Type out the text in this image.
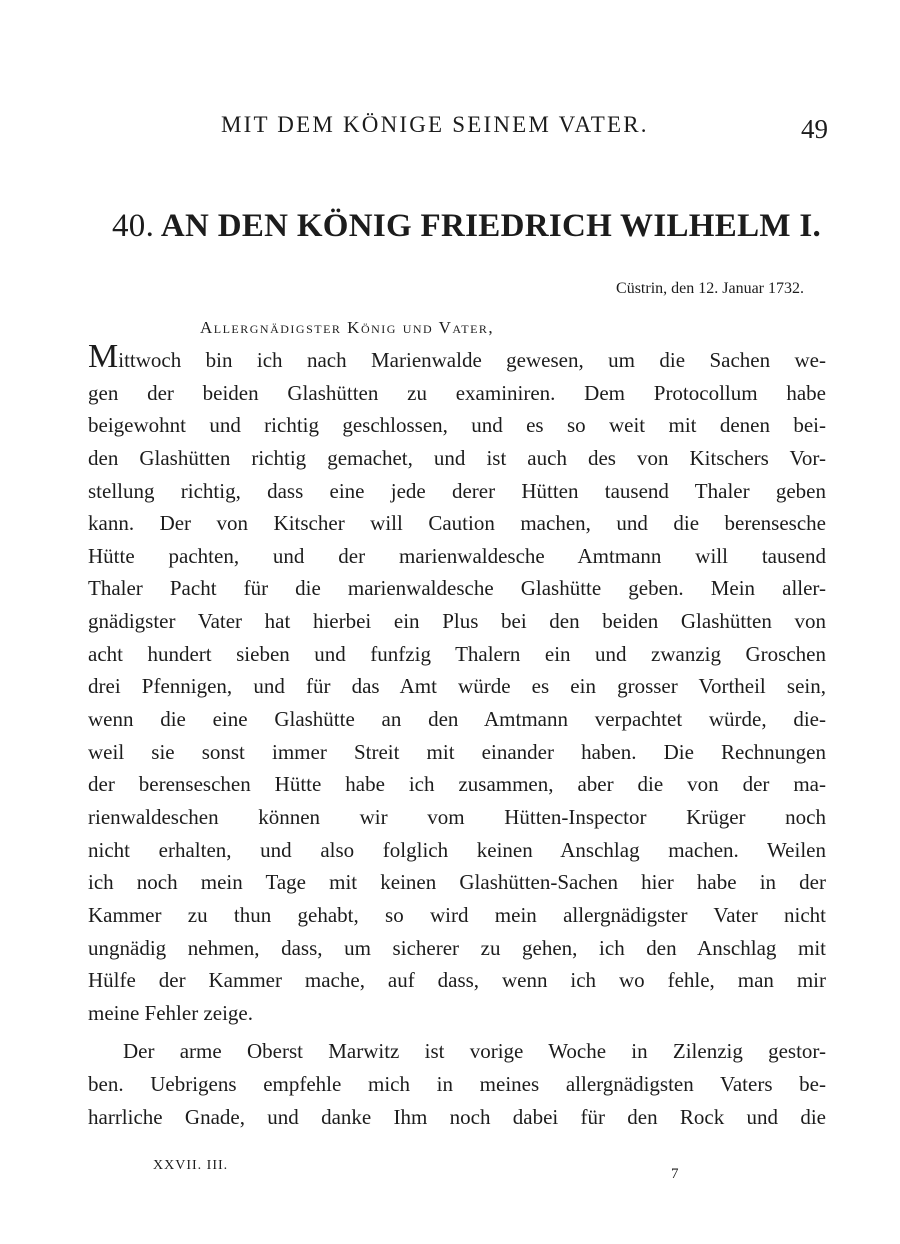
MIT DEM KÖNIGE SEINEM VATER.	49
40. AN DEN KÖNIG FRIEDRICH WILHELM I.
Cüstrin, den 12. Januar 1732.
Allergnädigster König und Vater,
Mittwoch bin ich nach Marienwalde gewesen, um die Sachen we-
gen der beiden Glashütten zu examiniren. Dem Protocollum habe
beigewohnt und richtig geschlossen, und es so weit mit denen bei-
den Glashütten richtig gemachet, und ist auch des von Kitschers Vor-
stellung richtig, dass eine jede derer Hütten tausend Thaler geben
kann. Der von Kitscher will Caution machen, und die berensesche
Hütte pachten, und der marienwaldesche Amtmann will tausend
Thaler Pacht für die marienwaldesche Glashütte geben. Mein aller-
gnädigster Vater hat hierbei ein Plus bei den beiden Glashütten von
acht hundert sieben und funfzig Thalern ein und zwanzig Groschen
drei Pfennigen, und für das Amt würde es ein grosser Vortheil sein,
wenn die eine Glashütte an den Amtmann verpachtet würde, die-
weil sie sonst immer Streit mit einander haben. Die Rechnungen
der berenseschen Hütte habe ich zusammen, aber die von der ma-
rienwaldeschen können wir vom Hütten-Inspector Krüger noch
nicht erhalten, und also folglich keinen Anschlag machen. Weilen
ich noch mein Tage mit keinen Glashütten-Sachen hier habe in der
Kammer zu thun gehabt, so wird mein allergnädigster Vater nicht
ungnädig nehmen, dass, um sicherer zu gehen, ich den Anschlag mit
Hülfe der Kammer mache, auf dass, wenn ich wo fehle, man mir
meine Fehler zeige.
Der arme Oberst Marwitz ist vorige Woche in Zilenzig gestor-
ben. Uebrigens empfehle mich in meines allergnädigsten Vaters be-
harrliche Gnade, und danke Ihm noch dabei für den Rock und die
XXVII. III.
7
